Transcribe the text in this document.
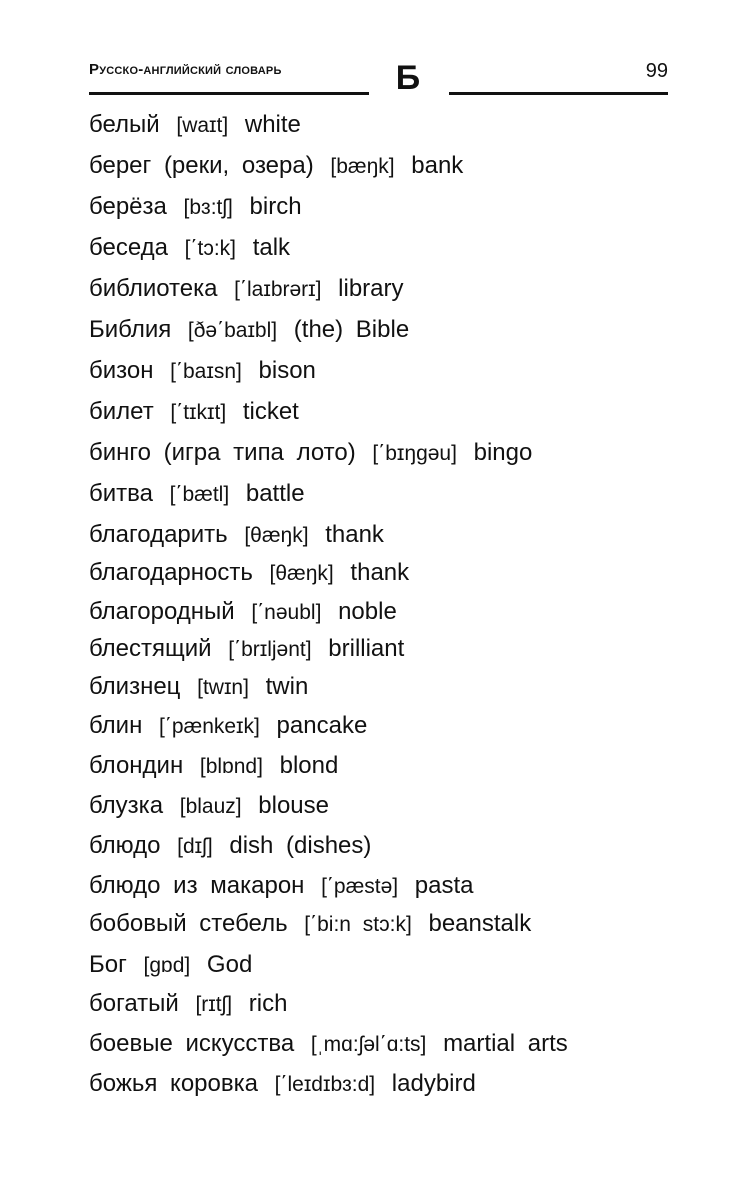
Русско-английский словарь	Б	99
белый [waɪt] white
берег (реки, озера) [bæŋk] bank
берёза [bɜ:tʃ] birch
беседа [΄tɔ:k] talk
библиотека [΄laɪbrərɪ] library
Библия [ðə΄baɪbl] (the) Bible
бизон [΄baɪsn] bison
билет [΄tɪkɪt] ticket
бинго (игра типа лото) [΄bɪŋgəu] bingo
битва [΄bætl] battle
благодарить [θæŋk] thank
благодарность [θæŋk] thank
благородный [΄nəubl] noble
блестящий [΄brɪljənt] brilliant
близнец [twɪn] twin
блин [΄pænkeɪk] pancake
блондин [blɒnd] blond
блузка [blauz] blouse
блюдо [dɪʃ] dish (dishes)
блюдо из макарон [΄pæstə] pasta
бобовый стебель [΄bi:n stɔ:k] beanstalk
Бог [gɒd] God
богатый [rɪtʃ] rich
боевые искусства [ˌmɑ:ʃəl΄ɑ:ts] martial arts
божья коровка [΄leɪdɪbɜ:d] ladybird
